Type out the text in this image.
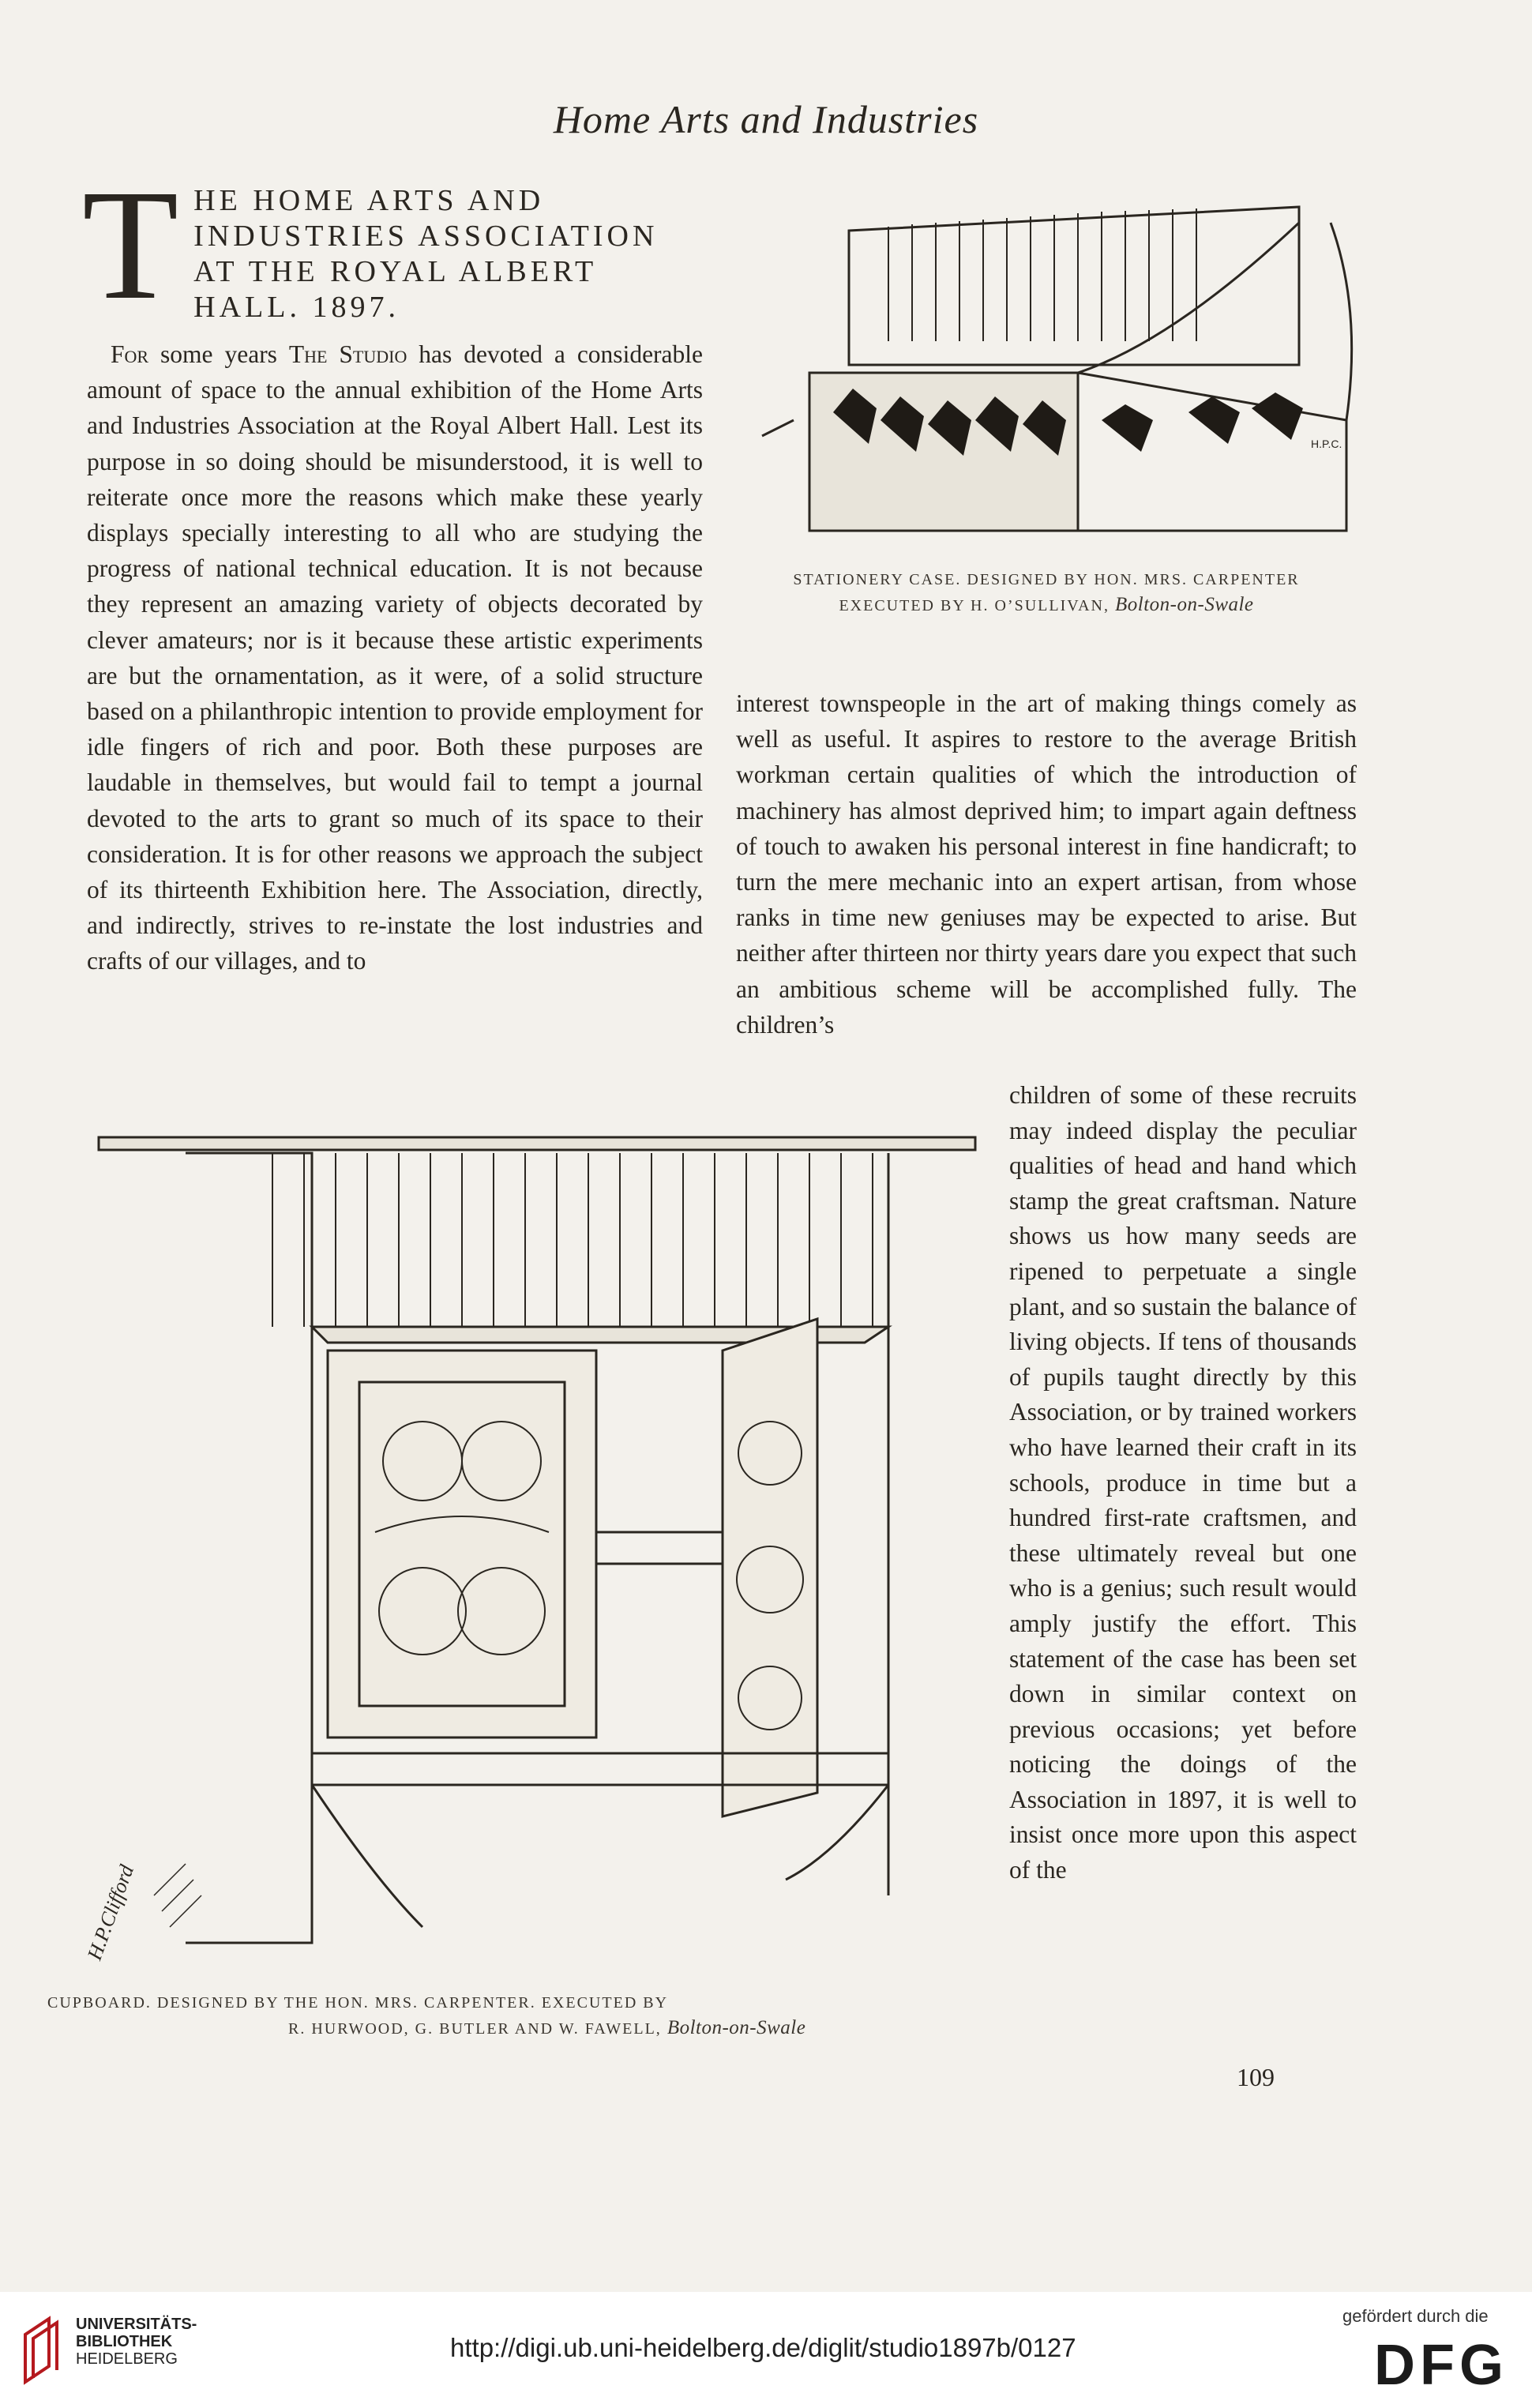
Home Arts and Industries
T HE HOME ARTS AND INDUSTRIES ASSOCIATION AT THE ROYAL ALBERT HALL. 1897.

For some years The Studio has devoted a considerable amount of space to the annual exhibition of the Home Arts and Industries Association at the Royal Albert Hall. Lest its purpose in so doing should be misunderstood, it is well to reiterate once more the reasons which make these yearly displays specially interesting to all who are studying the progress of national technical education. It is not because they represent an amazing variety of objects decorated by clever amateurs; nor is it because these artistic experiments are but the ornamentation, as it were, of a solid structure based on a philanthropic intention to provide employment for idle fingers of rich and poor. Both these purposes are laudable in themselves, but would fail to tempt a journal devoted to the arts to grant so much of its space to their consideration. It is for other reasons we approach the subject of its thirteenth Exhibition here. The Association, directly, and indirectly, strives to re-instate the lost industries and crafts of our villages, and to

H.P.C.
STATIONERY CASE. DESIGNED BY HON. MRS. CARPENTER
EXECUTED BY H. O’SULLIVAN, Bolton-on-Swale

interest townspeople in the art of making things comely as well as useful. It aspires to restore to the average British workman certain qualities of which the introduction of machinery has almost deprived him; to impart again deftness of touch to awaken his personal interest in fine handicraft; to turn the mere mechanic into an expert artisan, from whose ranks in time new geniuses may be expected to arise. But neither after thirteen nor thirty years dare you expect that such an ambitious scheme will be accomplished fully. The children’s

H.P.Clifford
CUPBOARD. DESIGNED BY THE HON. MRS. CARPENTER. EXECUTED BY
R. HURWOOD, G. BUTLER AND W. FAWELL, Bolton-on-Swale

children of some of these recruits may indeed display the peculiar qualities of head and hand which stamp the great craftsman. Nature shows us how many seeds are ripened to perpetuate a single plant, and so sustain the balance of living objects. If tens of thousands of pupils taught directly by this Association, or by trained workers who have learned their craft in its schools, produce in time but a hundred first-rate craftsmen, and these ultimately reveal but one who is a genius; such result would amply justify the effort. This statement of the case has been set down in similar context on previous occasions; yet before noticing the doings of the Association in 1897, it is well to insist once more upon this aspect of the

109
UNIVERSITÄTS-
BIBLIOTHEK
HEIDELBERG	http://digi.ub.uni-heidelberg.de/diglit/studio1897b/0127
gefördert durch die
DFG
